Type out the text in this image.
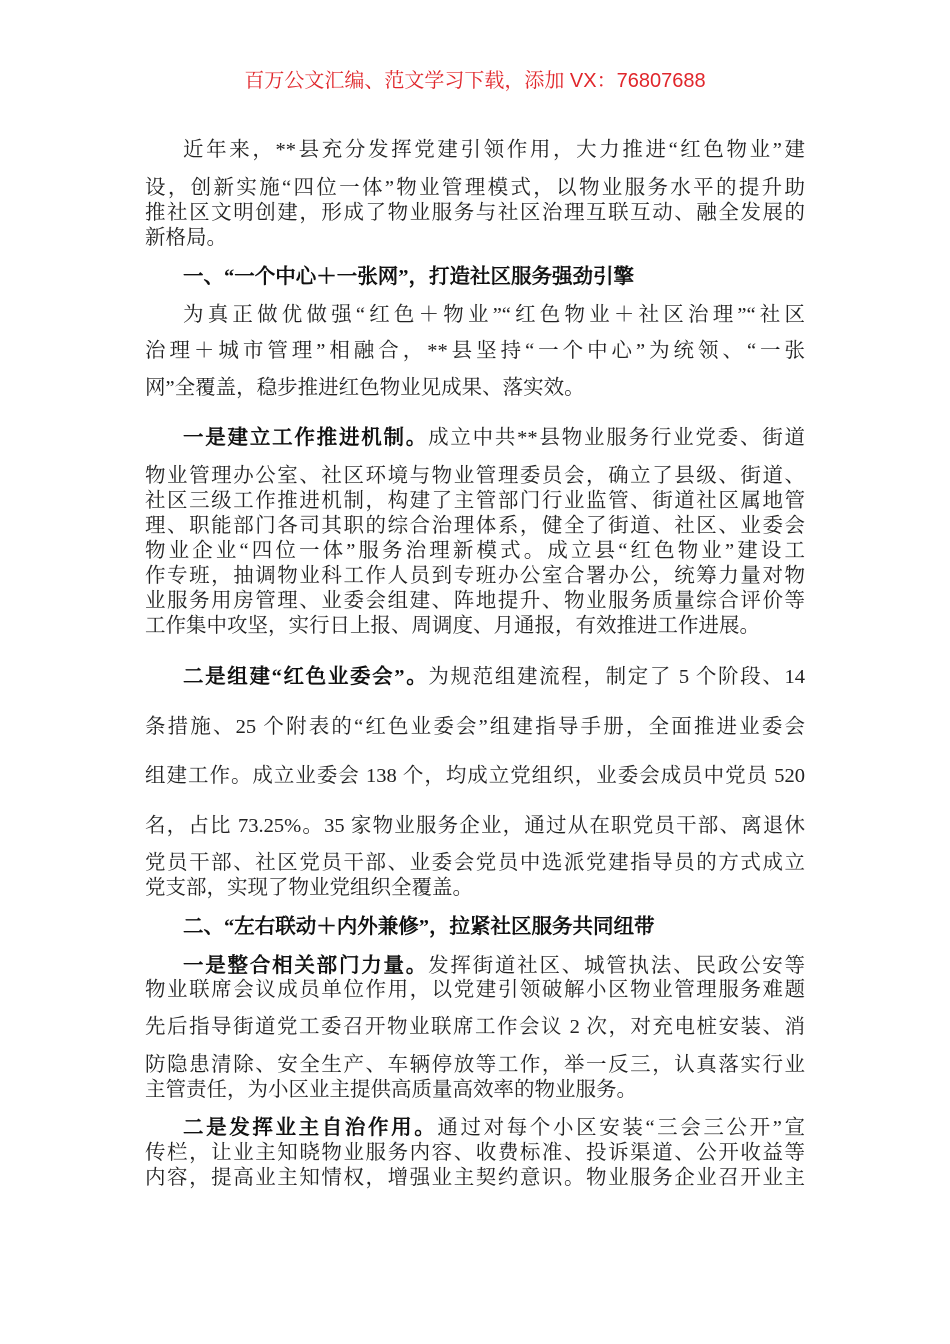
百万公文汇编、范文学习下载，添加 VX：76807688
近年来，**县充分发挥党建引领作用，大力推进“红色物业”建
设，创新实施“四位一体”物业管理模式，以物业服务水平的提升助
推社区文明创建，形成了物业服务与社区治理互联互动、融全发展的
新格局。
一、“一个中心＋一张网”，打造社区服务强劲引擎
为真正做优做强“红色＋物业”“红色物业＋社区治理”“社区
治理＋城市管理”相融合，**县坚持“一个中心”为统领、“一张
网”全覆盖，稳步推进红色物业见成果、落实效。
一是建立工作推进机制。成立中共**县物业服务行业党委、街道
物业管理办公室、社区环境与物业管理委员会，确立了县级、街道、
社区三级工作推进机制，构建了主管部门行业监管、街道社区属地管
理、职能部门各司其职的综合治理体系，健全了街道、社区、业委会
物业企业“四位一体”服务治理新模式。成立县“红色物业”建设工
作专班，抽调物业科工作人员到专班办公室合署办公，统筹力量对物
业服务用房管理、业委会组建、阵地提升、物业服务质量综合评价等
工作集中攻坚，实行日上报、周调度、月通报，有效推进工作进展。
二是组建“红色业委会”。为规范组建流程，制定了 5 个阶段、14
条措施、25 个附表的“红色业委会”组建指导手册，全面推进业委会
组建工作。成立业委会 138 个，均成立党组织，业委会成员中党员 520
名，占比 73.25%。35 家物业服务企业，通过从在职党员干部、离退休
党员干部、社区党员干部、业委会党员中选派党建指导员的方式成立
党支部，实现了物业党组织全覆盖。
二、“左右联动＋内外兼修”，拉紧社区服务共同纽带
一是整合相关部门力量。发挥街道社区、城管执法、民政公安等
物业联席会议成员单位作用，以党建引领破解小区物业管理服务难题
先后指导街道党工委召开物业联席工作会议 2 次，对充电桩安装、消
防隐患清除、安全生产、车辆停放等工作，举一反三，认真落实行业
主管责任，为小区业主提供高质量高效率的物业服务。
二是发挥业主自治作用。通过对每个小区安装“三会三公开”宣
传栏，让业主知晓物业服务内容、收费标准、投诉渠道、公开收益等
内容，提高业主知情权，增强业主契约意识。物业服务企业召开业主
